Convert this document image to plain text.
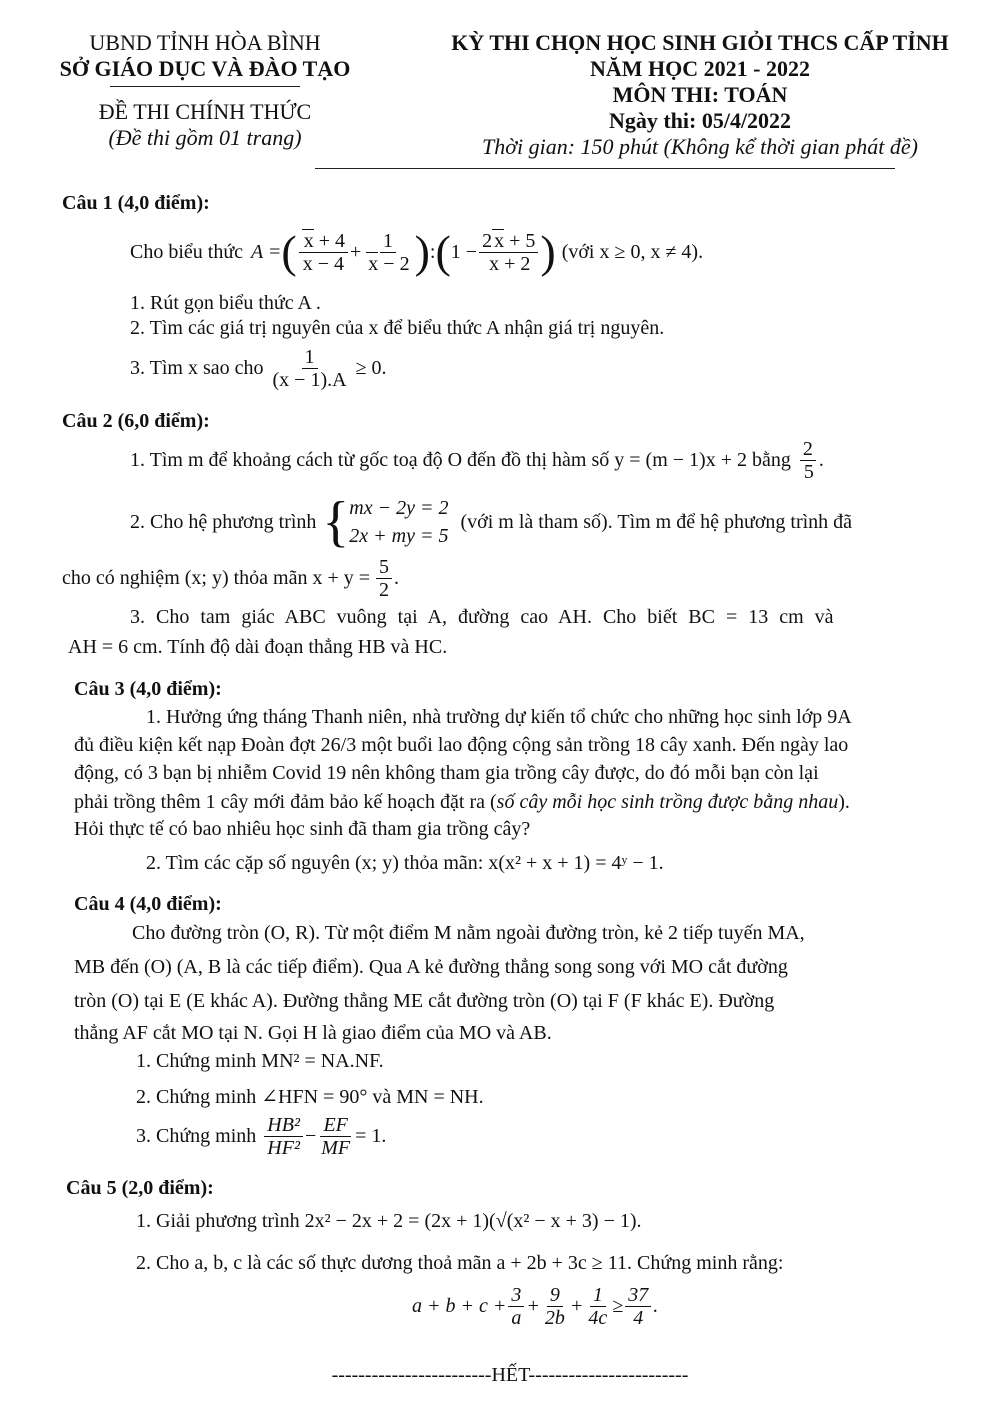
UBND TỈNH HÒA BÌNH

SỞ GIÁO DỤC VÀ ĐÀO TẠO

ĐỀ THI CHÍNH THỨC

(Đề thi gồm 01 trang)

KỲ THI CHỌN HỌC SINH GIỎI THCS CẤP TỈNH

NĂM HỌC 2021 - 2022

MÔN THI: TOÁN

Ngày thi: 05/4/2022

Thời gian: 150 phút (Không kể thời gian phát đề)

Câu 1 (4,0 điểm):
Cho biểu thức A = ( $\frac{x + 4}{x - 4} + \frac{1}{x - 2}$ ) : ( $1 - \frac{2 x + 5}{x + 2}$ ) (với x ≥ 0, x ≠ 4).
1. Rút gọn biểu thức A .
2. Tìm các giá trị nguyên của x để biểu thức A nhận giá trị nguyên.
3. Tìm x sao cho $\frac{1}{(x - 1).A} \ge 0$.
Câu 2 (6,0 điểm):
1. Tìm m để khoảng cách từ gốc toạ độ O đến đồ thị hàm số y = (m − 1)x + 2 bằng $\frac{2}{5}$ .
2. Cho hệ phương trình { mx − 2y = 2
2x + my = 5
(với m là tham số). Tìm m để hệ phương trình đã
cho có nghiệm (x; y) thỏa mãn $x + y = \frac{5}{2}$ .
3. Cho tam giác ABC vuông tại A, đường cao AH. Cho biết BC = 13 cm và
AH = 6 cm. Tính độ dài đoạn thẳng HB và HC.
Câu 3 (4,0 điểm):
1. Hưởng ứng tháng Thanh niên, nhà trường dự kiến tổ chức cho những học sinh lớp 9A
đủ điều kiện kết nạp Đoàn đợt 26/3 một buổi lao động cộng sản trồng 18 cây xanh. Đến ngày lao
động, có 3 bạn bị nhiễm Covid 19 nên không tham gia trồng cây được, do đó mỗi bạn còn lại
phải trồng thêm 1 cây mới đảm bảo kế hoạch đặt ra (số cây mỗi học sinh trồng được bằng nhau).
Hỏi thực tế có bao nhiêu học sinh đã tham gia trồng cây?
2. Tìm các cặp số nguyên (x; y) thỏa mãn: x(x² + x + 1) = 4ʸ − 1.
Câu 4 (4,0 điểm):
Cho đường tròn (O, R). Từ một điểm M nằm ngoài đường tròn, kẻ 2 tiếp tuyến MA,
MB đến (O) (A, B là các tiếp điểm). Qua A kẻ đường thẳng song song với MO cắt đường
tròn (O) tại E (E khác A). Đường thẳng ME cắt đường tròn (O) tại F (F khác E). Đường
thẳng AF cắt MO tại N. Gọi H là giao điểm của MO và AB.
1. Chứng minh MN² = NA.NF.
2. Chứng minh ∠HFN = 90° và MN = NH.
3. Chứng minh $\frac{\text{HB²}}{\text{HF²}} - \frac{EF}{MF} = 1$.
Câu 5 (2,0 điểm):
1. Giải phương trình 2x² − 2x + 2 = (2x + 1)(√(x² − x + 3) − 1).
2. Cho a, b, c là các số thực dương thoả mãn a + 2b + 3c ≥ 11. Chứng minh rằng:
$a + b + c + \frac{3}{a} + \frac{9}{2b} + \frac{1}{4c} \ge \frac{37}{4}$ .
------------------------HẾT------------------------
